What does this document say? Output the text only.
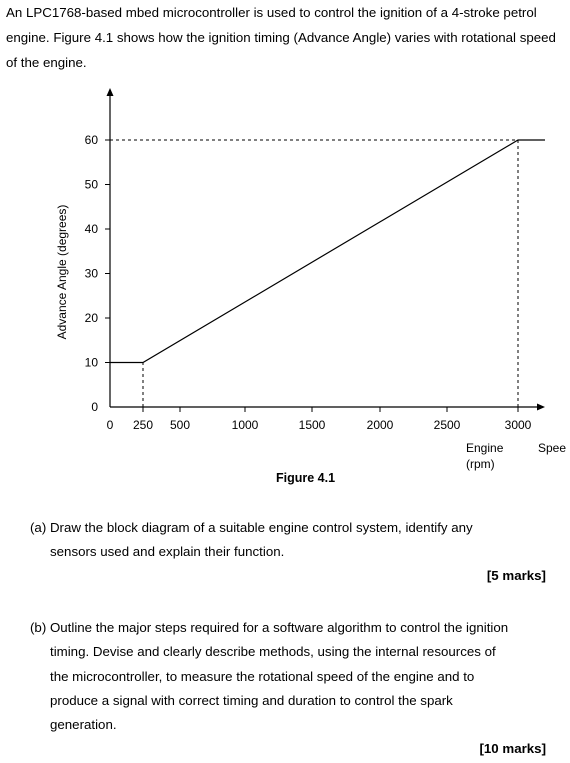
An LPC1768-based mbed microcontroller is used to control the ignition of a 4-stroke petrol engine. Figure 4.1 shows how the ignition timing (Advance Angle) varies with rotational speed of the engine.

0 250 500	1000	1500	2000	2500	3000
0
10
20
30
40
50
60
Advance Angle (degrees)
Engine	Spee
(rpm)
Figure 4.1

(a) Draw the block diagram of a suitable engine control system, identify any

sensors used and explain their function.

[5 marks]

(b) Outline the major steps required for a software algorithm to control the ignition

timing. Devise and clearly describe methods, using the internal resources of
the microcontroller, to measure the rotational speed of the engine and to
produce a signal with correct timing and duration to control the spark
generation.

[10 marks]
